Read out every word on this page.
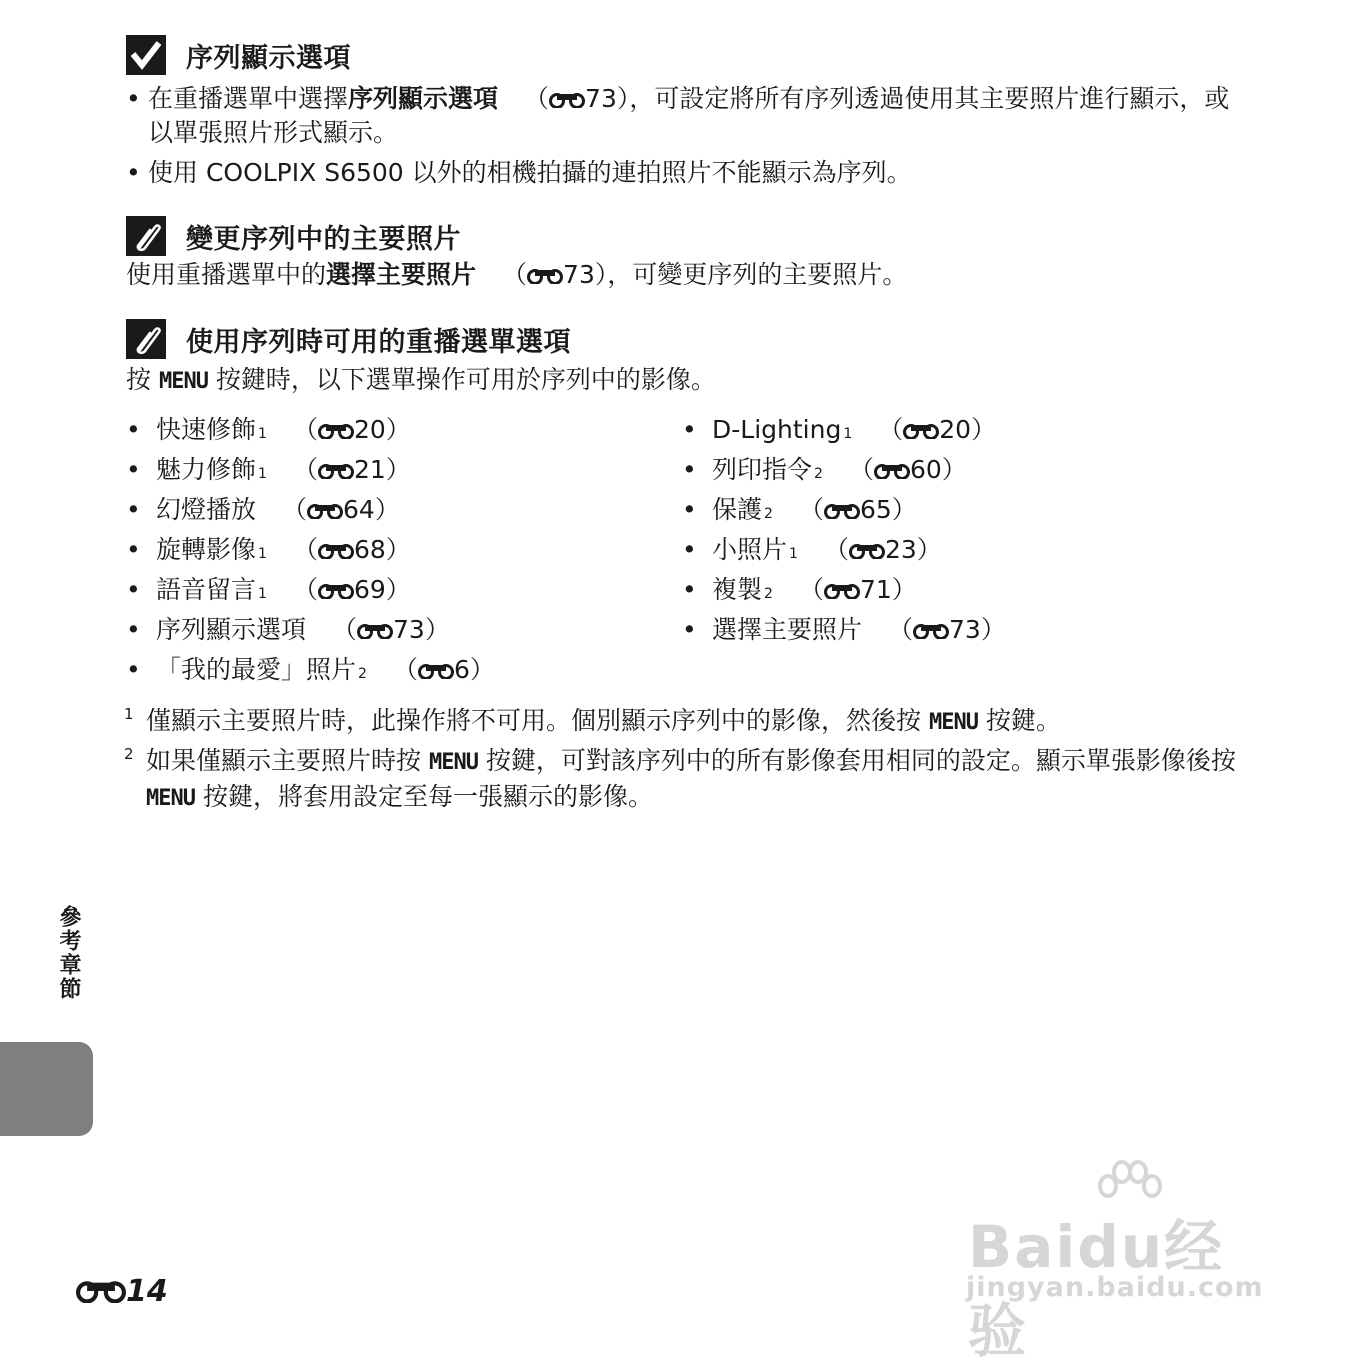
序列顯示選項
• 在重播選單中選擇序列顯示選項 （ 73），可設定將所有序列透過使用其主要照片進行顯示，或以單張照片形式顯示。
• 使用 COOLPIX S6500 以外的相機拍攝的連拍照片不能顯示為序列。
變更序列中的主要照片
使用重播選單中的選擇主要照片 （ 73），可變更序列的主要照片。
使用序列時可用的重播選單選項
按 MENU 按鍵時，以下選單操作可用於序列中的影像。
• 快速修飾 1 （ 20）
• 魅力修飾 1 （ 21）
• 幻燈播放 （ 64）
• 旋轉影像 1 （ 68）
• 語音留言 1 （ 69）
• 序列顯示選項 （ 73）
• 「我的最愛」照片 2 （ 6）
• D-Lighting 1 （ 20）
• 列印指令 2 （ 60）
• 保護 2 （ 65）
• 小照片 1 （ 23）
• 複製 2 （ 71）
• 選擇主要照片 （ 73）
1 僅顯示主要照片時，此操作將不可用。個別顯示序列中的影像，然後按 MENU 按鍵。
2 如果僅顯示主要照片時按 MENU 按鍵，可對該序列中的所有影像套用相同的設定。顯示單張影像後按 MENU 按鍵，將套用設定至每一張顯示的影像。
參考章節
14
Baidu经验
jingyan.baidu.com
